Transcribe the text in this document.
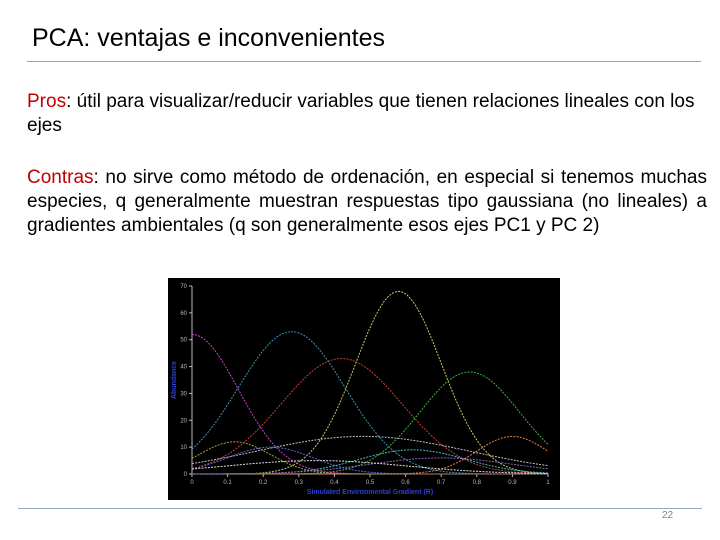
PCA: ventajas e inconvenientes
Pros: útil para visualizar/reducir variables que tienen relaciones lineales con los ejes
Contras: no sirve como método de ordenación, en especial si tenemos muchas especies, q generalmente muestran respuestas tipo gaussiana (no lineales) a gradientes ambientales (q son generalmente esos ejes PC1 y PC 2)
0
10
20
30
40
50
60
70
0	0.1	0.2	0.3	0.4	0.5	0.6	0.7	0.8	0.9	1
Simulated Environmental Gradient (R)
Abundance
22
